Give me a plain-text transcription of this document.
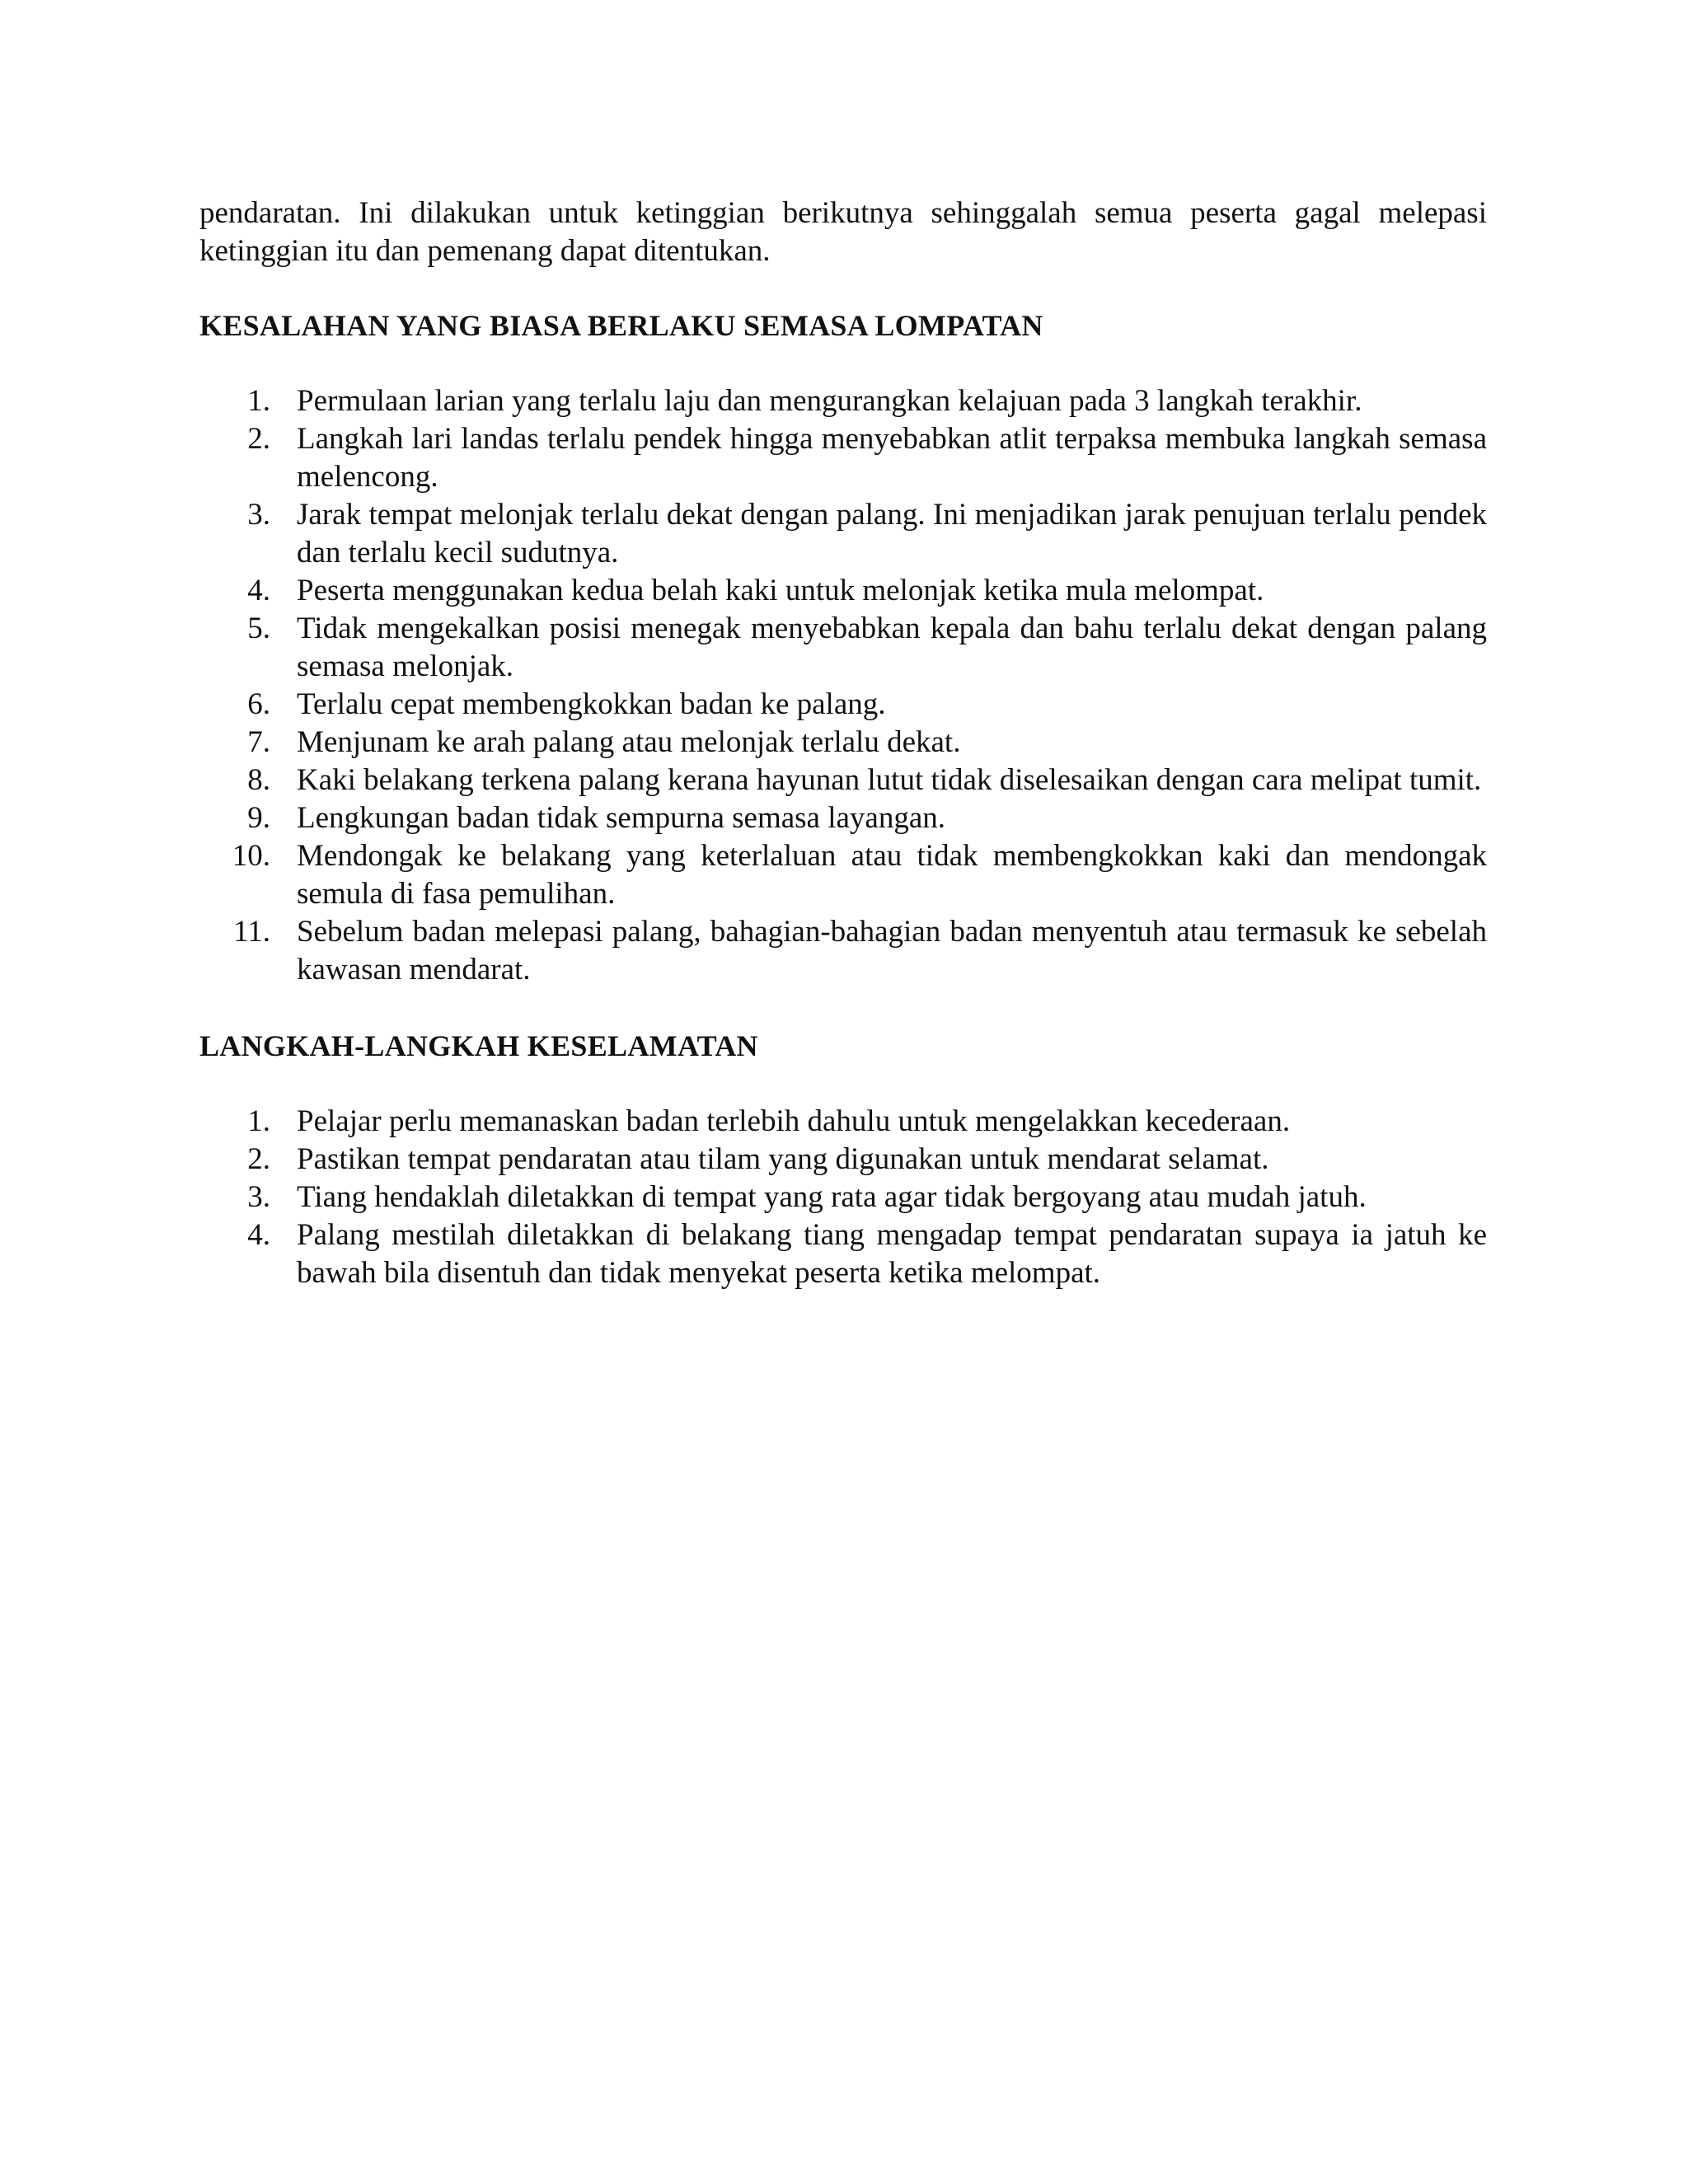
pendaratan. Ini dilakukan untuk ketinggian berikutnya sehinggalah semua peserta gagal melepasi ketinggian itu dan pemenang dapat ditentukan.

KESALAHAN YANG BIASA BERLAKU SEMASA LOMPATAN
1. Permulaan larian yang terlalu laju dan mengurangkan kelajuan pada 3 langkah terakhir.
2. Langkah lari landas terlalu pendek hingga menyebabkan atlit terpaksa membuka langkah semasa melencong.
3. Jarak tempat melonjak terlalu dekat dengan palang. Ini menjadikan jarak penujuan terlalu pendek dan terlalu kecil sudutnya.
4. Peserta menggunakan kedua belah kaki untuk melonjak ketika mula melompat.
5. Tidak mengekalkan posisi menegak menyebabkan kepala dan bahu terlalu dekat dengan palang semasa melonjak.
6. Terlalu cepat membengkokkan badan ke palang.
7. Menjunam ke arah palang atau melonjak terlalu dekat.
8. Kaki belakang terkena palang kerana hayunan lutut tidak diselesaikan dengan cara melipat tumit.
9. Lengkungan badan tidak sempurna semasa layangan.
10. Mendongak ke belakang yang keterlaluan atau tidak membengkokkan kaki dan mendongak semula di fasa pemulihan.
11. Sebelum badan melepasi palang, bahagian-bahagian badan menyentuh atau termasuk ke sebelah kawasan mendarat.
LANGKAH-LANGKAH KESELAMATAN
1. Pelajar perlu memanaskan badan terlebih dahulu untuk mengelakkan kecederaan.
2. Pastikan tempat pendaratan atau tilam yang digunakan untuk mendarat selamat.
3. Tiang hendaklah diletakkan di tempat yang rata agar tidak bergoyang atau mudah jatuh.
4. Palang mestilah diletakkan di belakang tiang mengadap tempat pendaratan supaya ia jatuh ke bawah bila disentuh dan tidak menyekat peserta ketika melompat.
